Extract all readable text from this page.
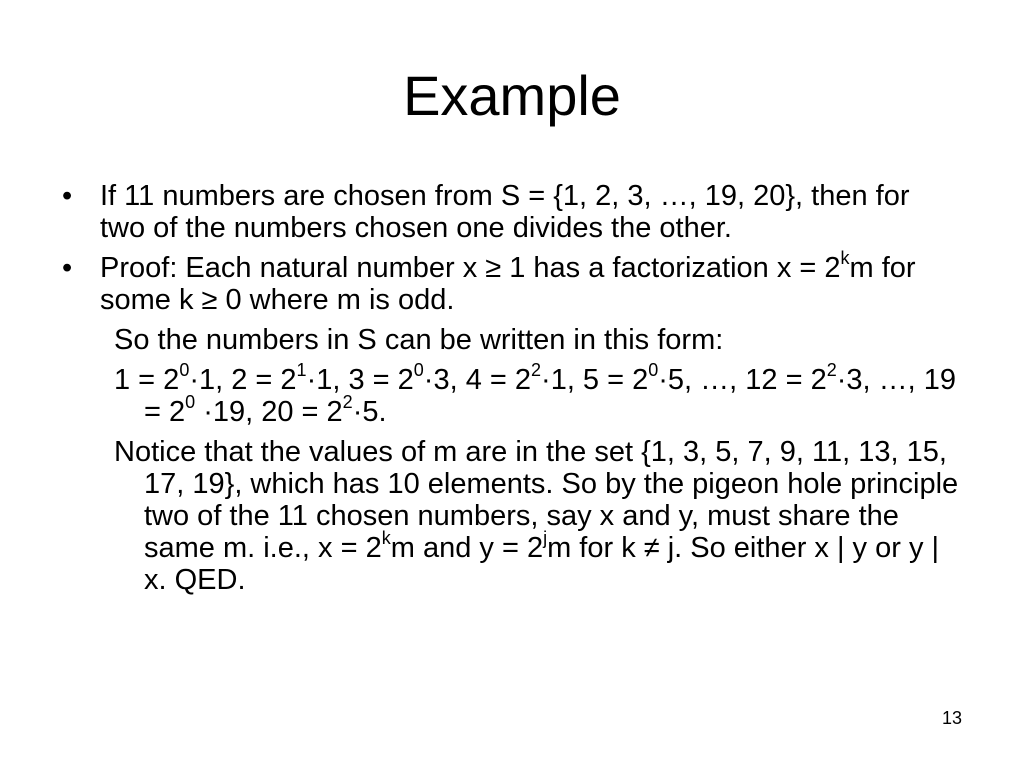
Example
• If 11 numbers are chosen from S = {1, 2, 3, …, 19, 20}, then for two of the numbers chosen one divides the other.
• Proof: Each natural number x ≥ 1 has a factorization $x = 2^km$ for some k ≥ 0 where m is odd.
So the numbers in S can be written in this form:
$1 = 2^0\cdot 1$, $2 = 2^1\cdot 1$, $3 = 2^0\cdot 3$, $4 = 2^2\cdot 1$, $5 = 2^0\cdot 5$, …, $12 = 2^2\cdot 3$, …, $19 = 2^0 \cdot 19$, $20 = 2^2\cdot 5$.
Notice that the values of m are in the set {1, 3, 5, 7, 9, 11, 13, 15, 17, 19}, which has 10 elements. So by the pigeon hole principle two of the 11 chosen numbers, say x and y, must share the same m. i.e., $x = 2^km$ and $y = 2^jm$ for k ≠ j. So either x | y or y | x. QED.
13
